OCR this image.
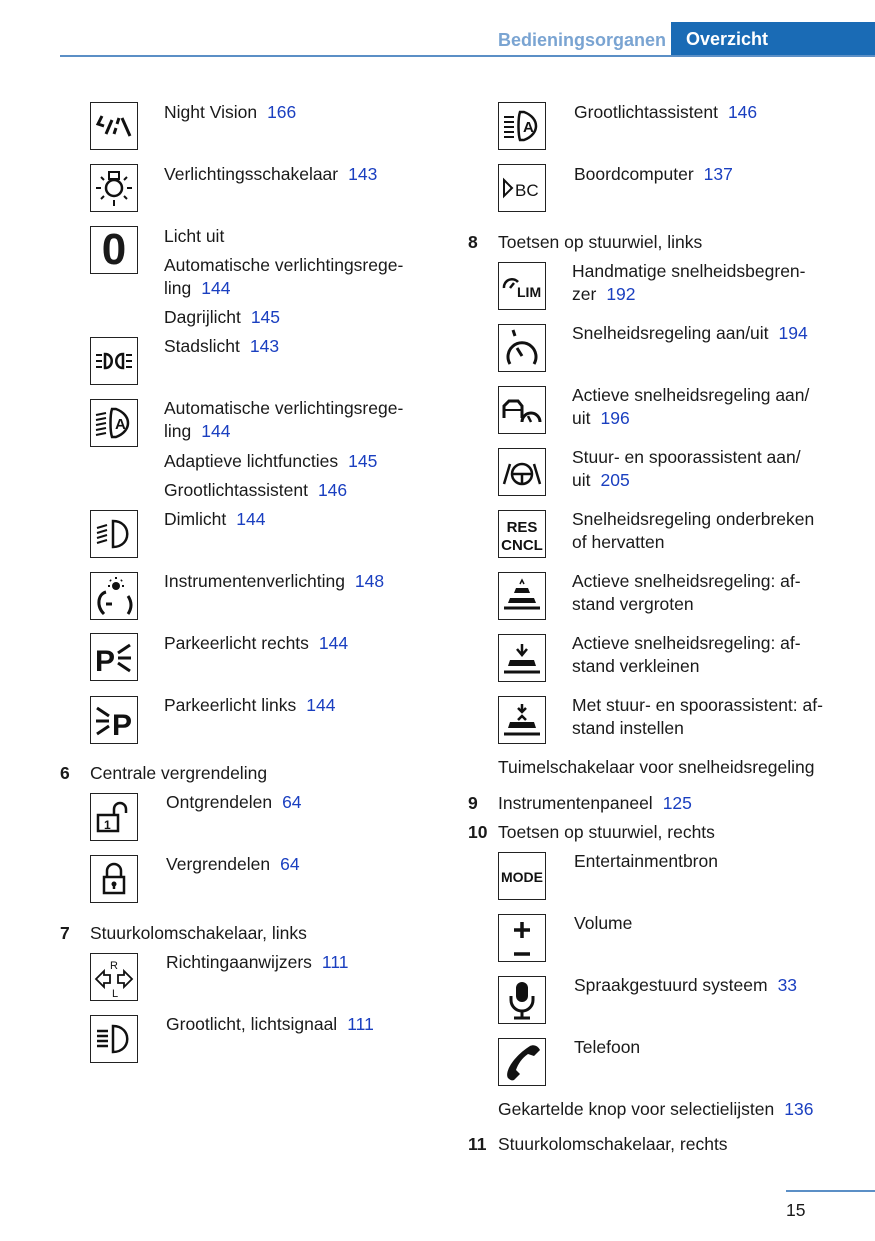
Bedieningsorganen	Overzicht
Night Vision 166
Verlichtingsschakelaar 143
0 Licht uit
Automatische verlichtingsrege-
ling 144
Dagrijlicht 145
Stadslicht 143
A
Automatische verlichtingsrege-
ling 144
Adaptieve lichtfuncties 145
Grootlichtassistent 146
Dimlicht 144
Instrumentenverlichting 148
P
Parkeerlicht rechts 144
P
Parkeerlicht links 144
6 Centrale vergrendeling
1
Ontgrendelen 64
Vergrendelen 64
7 Stuurkolomschakelaar, links
R
L
Richtingaanwijzers 111
Grootlicht, lichtsignaal 111
A
Grootlichtassistent 146
BC
Boordcomputer 137
8 Toetsen op stuurwiel, links
LIM
Handmatige snelheidsbegren-
zer 192
Snelheidsregeling aan/uit 194
Actieve snelheidsregeling aan/
uit 196
Stuur- en spoorassistent aan/
uit 205
RES
CNCL
Snelheidsregeling onderbreken
of hervatten
Actieve snelheidsregeling: af-
stand vergroten
Actieve snelheidsregeling: af-
stand verkleinen
Met stuur- en spoorassistent: af-
stand instellen
Tuimelschakelaar voor snelheidsregeling
9 Instrumentenpaneel 125
10 Toetsen op stuurwiel, rechts
MODE
Entertainmentbron
Volume
Spraakgestuurd systeem 33
Telefoon
Gekartelde knop voor selectielijsten 136
11 Stuurkolomschakelaar, rechts
15
